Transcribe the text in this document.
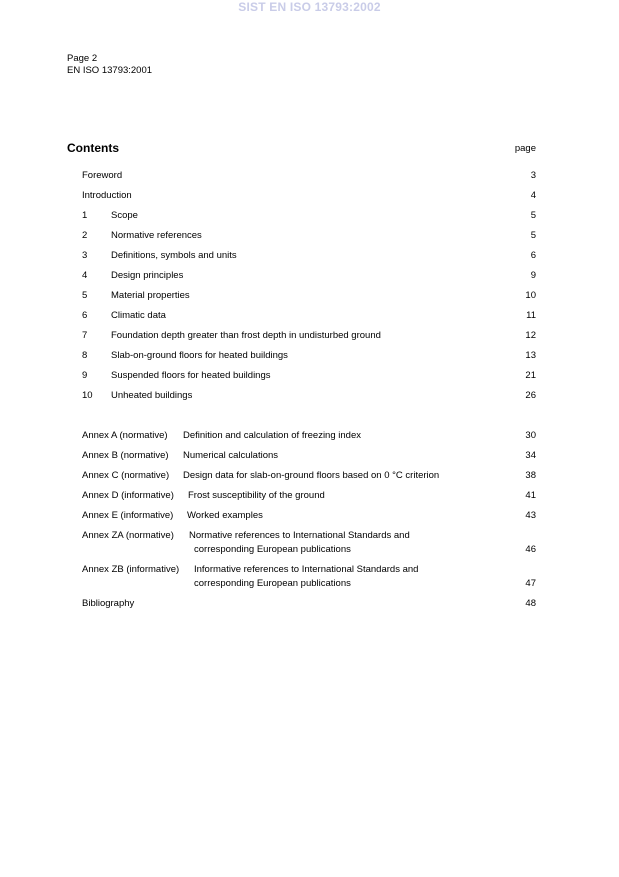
SIST EN ISO 13793:2002
Page 2
EN ISO 13793:2001
Contents	page
Foreword	3
Introduction	4
1 Scope	5
2 Normative references	5
3 Definitions, symbols and units	6
4 Design principles	9
5 Material properties	10
6 Climatic data	11
7 Foundation depth greater than frost depth in undisturbed ground	12
8 Slab-on-ground floors for heated buildings	13
9 Suspended floors for heated buildings	21
10 Unheated buildings	26
Annex A (normative) Definition and calculation of freezing index	30
Annex B (normative) Numerical calculations	34
Annex C (normative) Design data for slab-on-ground floors based on 0 °C criterion	38
Annex D (informative) Frost susceptibility of the ground	41
Annex E (informative) Worked examples	43
Annex ZA (normative) Normative references to International Standards and
corresponding European publications	46
Annex ZB (informative) Informative references to International Standards and
corresponding European publications	47
Bibliography	48
